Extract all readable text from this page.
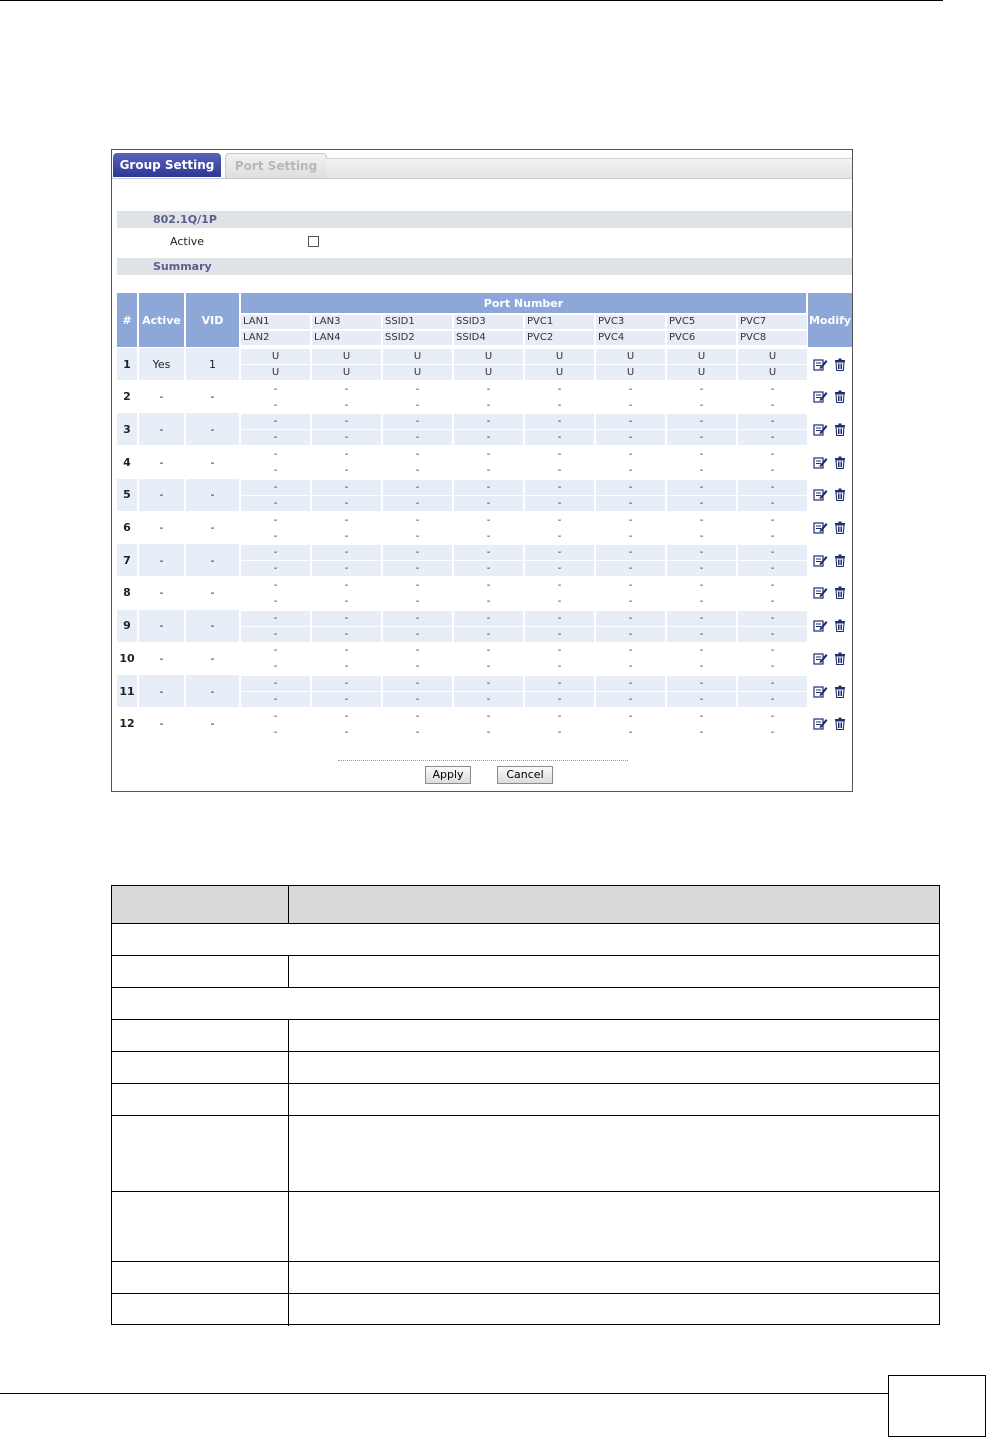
Group Setting	Port Setting
802.1Q/1P
Active
Summary
# Active	VID
Port Number
Modify
LAN1	LAN3	SSID1	SSID3	PVC1	PVC3	PVC5	PVC7
LAN2	LAN4	SSID2	SSID4	PVC2	PVC4	PVC6	PVC8
1	Yes	1
U	U	U	U	U	U	U	U
U	U	U	U	U	U	U	U
2	-	-
-	-	-	-	-	-	-	-
-	-	-	-	-	-	-	-
3	-	-
-	-	-	-	-	-	-	-
-	-	-	-	-	-	-	-
4	-	-
-	-	-	-	-	-	-	-
-	-	-	-	-	-	-	-
5	-	-
-	-	-	-	-	-	-	-
-	-	-	-	-	-	-	-
6	-	-
-	-	-	-	-	-	-	-
-	-	-	-	-	-	-	-
7	-	-
-	-	-	-	-	-	-	-
-	-	-	-	-	-	-	-
8	-	-
-	-	-	-	-	-	-	-
-	-	-	-	-	-	-	-
9	-	-
-	-	-	-	-	-	-	-
-	-	-	-	-	-	-	-
10	-	-
-	-	-	-	-	-	-	-
-	-	-	-	-	-	-	-
11	-	-
-	-	-	-	-	-	-	-
-	-	-	-	-	-	-	-
12	-	-
-	-	-	-	-	-	-	-
-	-	-	-	-	-	-	-
Apply	Cancel
